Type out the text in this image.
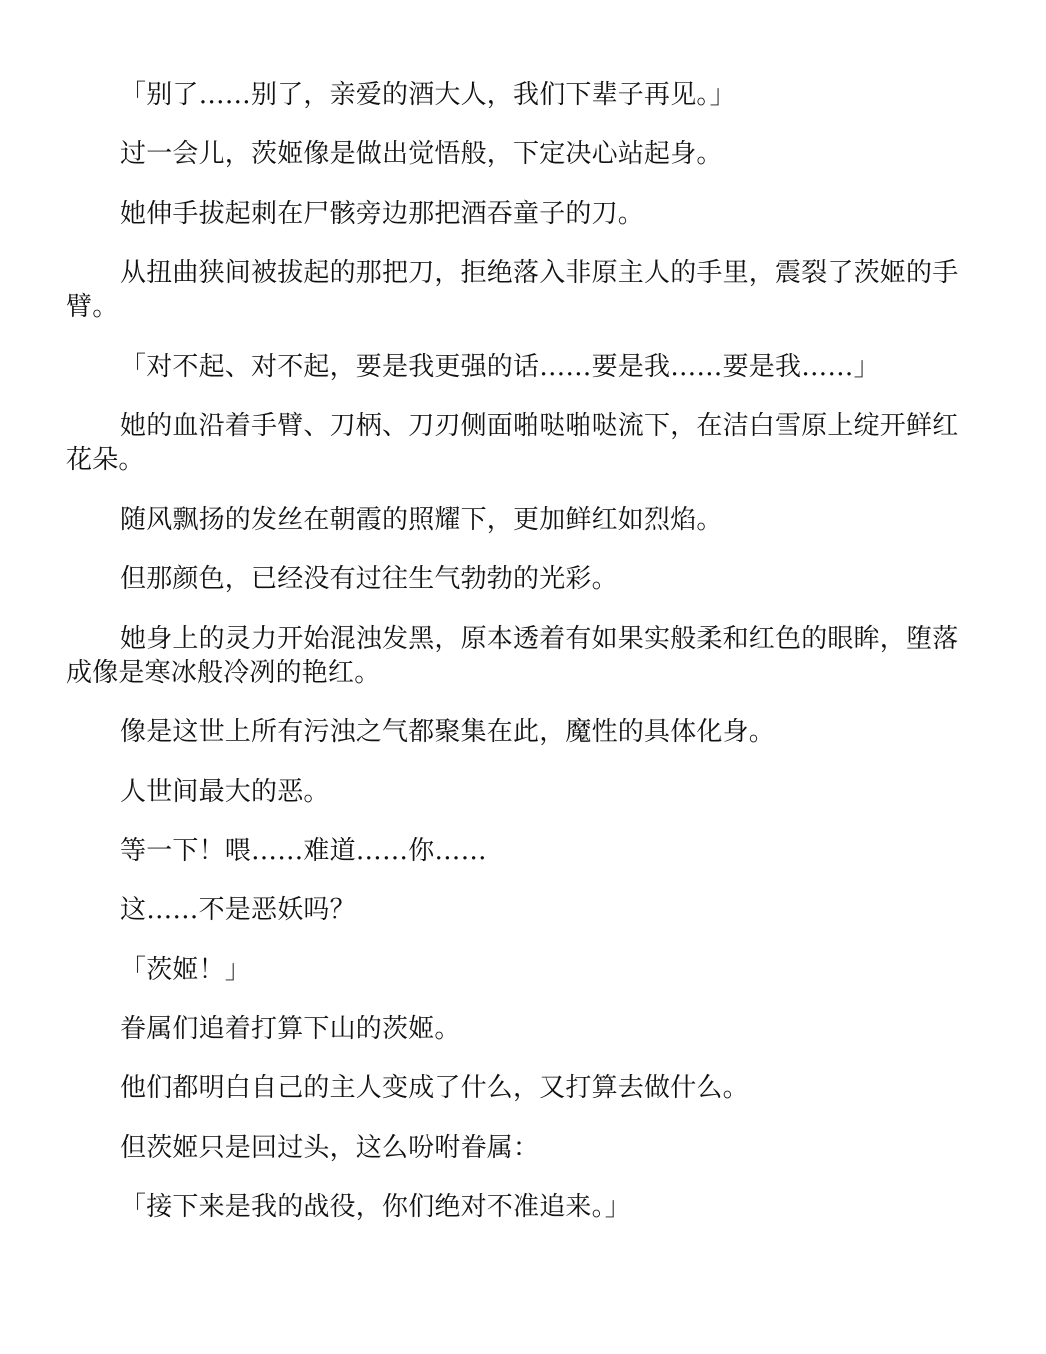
「别了……别了，亲爱的酒大人，我们下辈子再见。」

过一会儿，茨姬像是做出觉悟般，下定决心站起身。

她伸手拔起刺在尸骸旁边那把酒吞童子的刀。

从扭曲狭间被拔起的那把刀，拒绝落入非原主人的手里，震裂了茨姬的手臂。

「对不起、对不起，要是我更强的话……要是我……要是我……」

她的血沿着手臂、刀柄、刀刃侧面啪哒啪哒流下，在洁白雪原上绽开鲜红花朵。

随风飘扬的发丝在朝霞的照耀下，更加鲜红如烈焰。

但那颜色，已经没有过往生气勃勃的光彩。

她身上的灵力开始混浊发黑，原本透着有如果实般柔和红色的眼眸，堕落成像是寒冰般冷冽的艳红。

像是这世上所有污浊之气都聚集在此，魔性的具体化身。

人世间最大的恶。

等一下！喂……难道……你……

这……不是恶妖吗？

「茨姬！」

眷属们追着打算下山的茨姬。

他们都明白自己的主人变成了什么，又打算去做什么。

但茨姬只是回过头，这么吩咐眷属：

「接下来是我的战役，你们绝对不准追来。」
